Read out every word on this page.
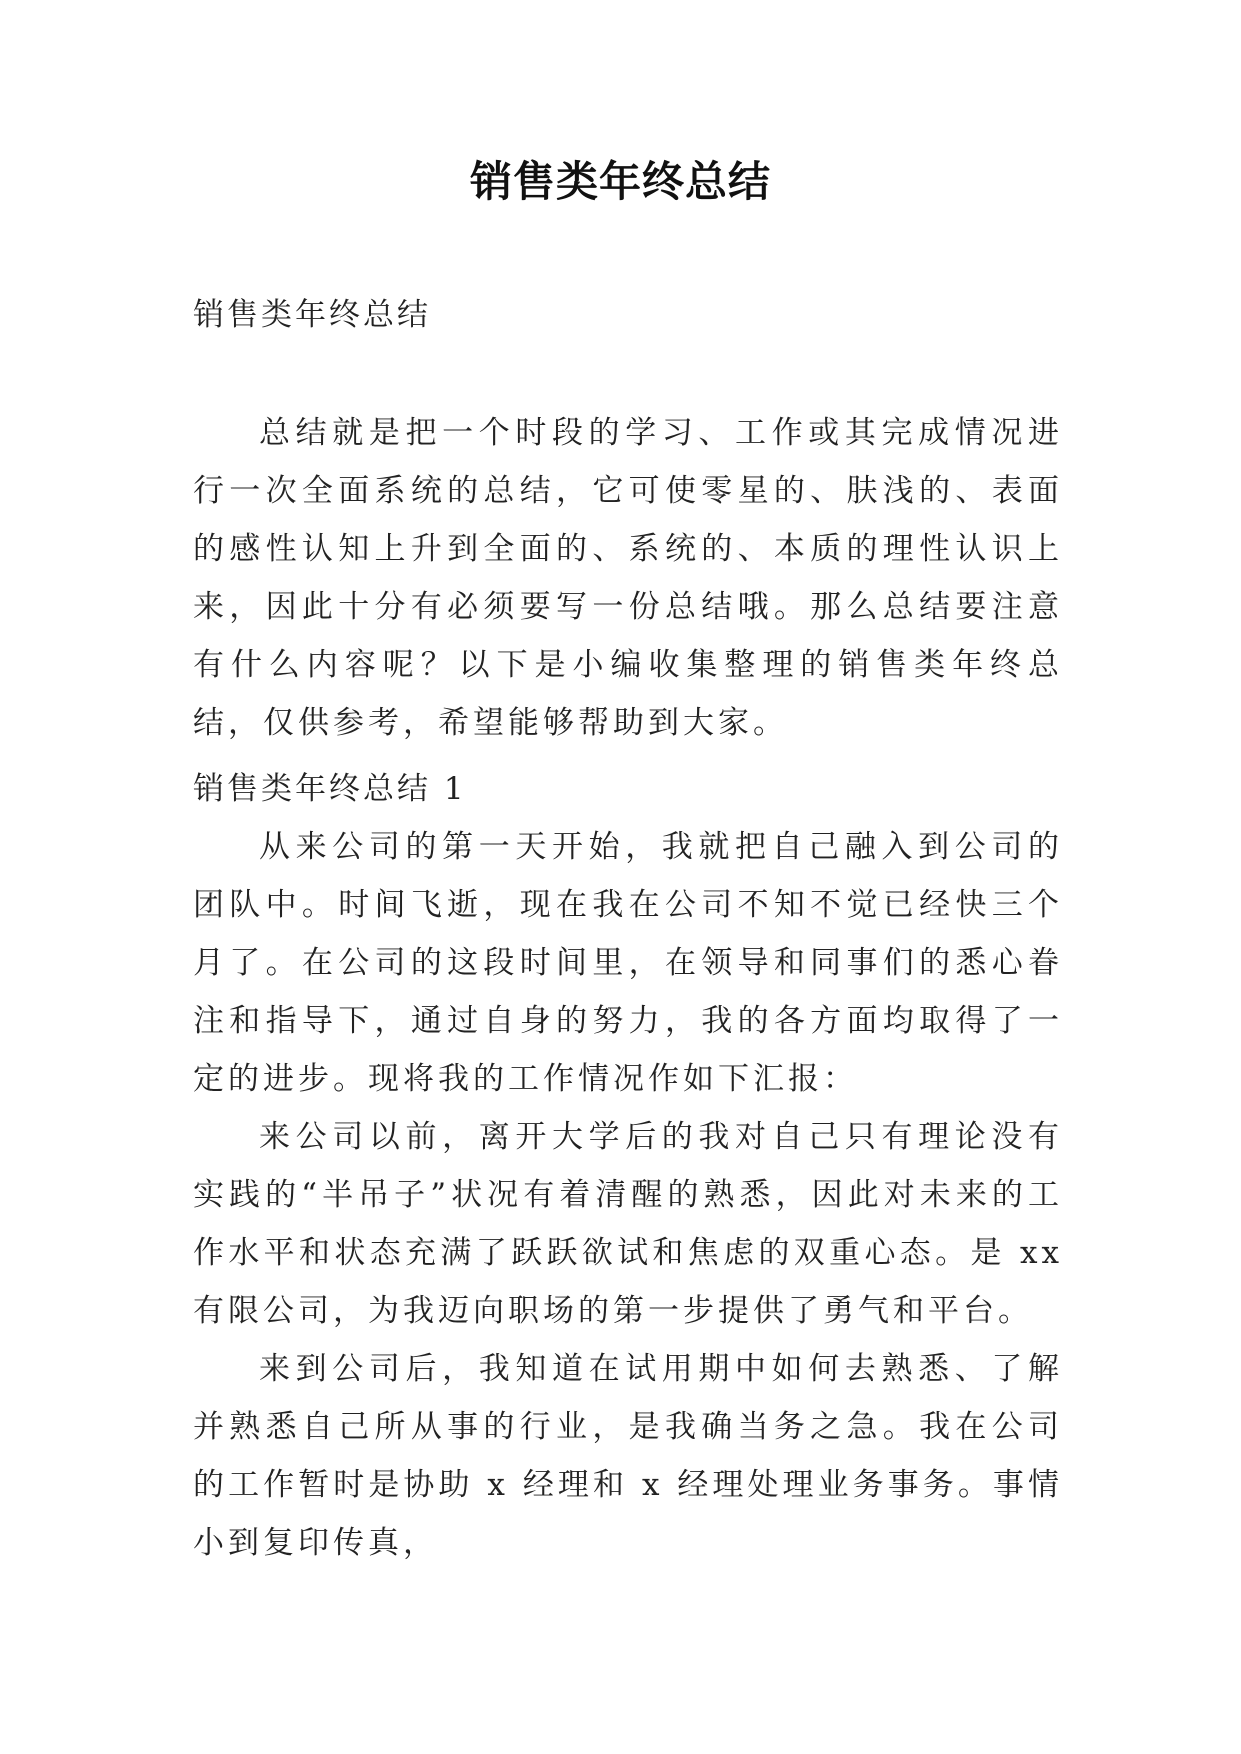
销售类年终总结

销售类年终总结

总结就是把一个时段的学习、工作或其完成情况进行一次全面系统的总结，它可使零星的、肤浅的、表面的感性认知上升到全面的、系统的、本质的理性认识上来，因此十分有必须要写一份总结哦。那么总结要注意有什么内容呢？以下是小编收集整理的销售类年终总结，仅供参考，希望能够帮助到大家。

销售类年终总结 1

从来公司的第一天开始，我就把自己融入到公司的团队中。时间飞逝，现在我在公司不知不觉已经快三个月了。在公司的这段时间里，在领导和同事们的悉心眷注和指导下，通过自身的努力，我的各方面均取得了一定的进步。现将我的工作情况作如下汇报：

来公司以前，离开大学后的我对自己只有理论没有实践的“半吊子”状况有着清醒的熟悉，因此对未来的工作水平和状态充满了跃跃欲试和焦虑的双重心态。是 xx 有限公司，为我迈向职场的第一步提供了勇气和平台。

来到公司后，我知道在试用期中如何去熟悉、了解并熟悉自己所从事的行业，是我确当务之急。我在公司的工作暂时是协助 x 经理和 x 经理处理业务事务。事情小到复印传真，
